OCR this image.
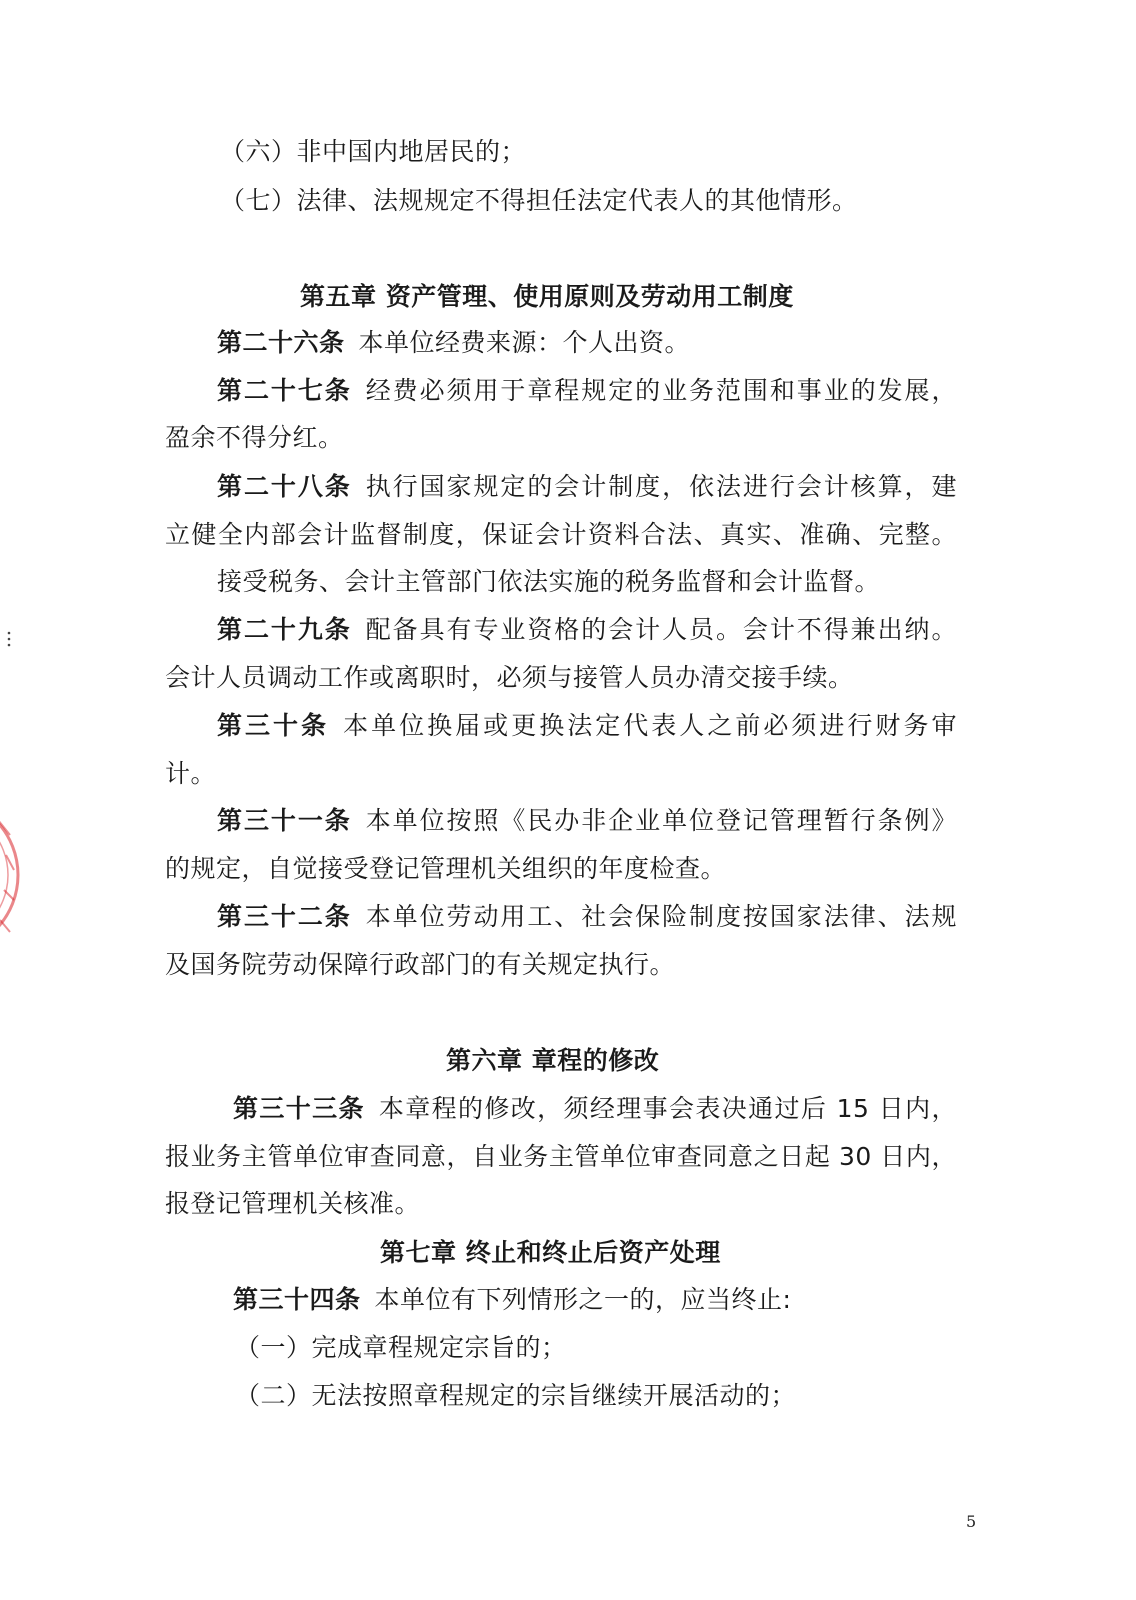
（六）非中国内地居民的；
（七）法律、法规规定不得担任法定代表人的其他情形。
第五章 资产管理、使用原则及劳动用工制度
第二十六条 本单位经费来源：个人出资。
第二十七条 经费必须用于章程规定的业务范围和事业的发展，
盈余不得分红。
第二十八条 执行国家规定的会计制度，依法进行会计核算，建
立健全内部会计监督制度，保证会计资料合法、真实、准确、完整。
接受税务、会计主管部门依法实施的税务监督和会计监督。
第二十九条 配备具有专业资格的会计人员。会计不得兼出纳。
会计人员调动工作或离职时，必须与接管人员办清交接手续。
第三十条 本单位换届或更换法定代表人之前必须进行财务审
计。
第三十一条 本单位按照《民办非企业单位登记管理暂行条例》
的规定，自觉接受登记管理机关组织的年度检查。
第三十二条 本单位劳动用工、社会保险制度按国家法律、法规
及国务院劳动保障行政部门的有关规定执行。
第六章 章程的修改
第三十三条 本章程的修改，须经理事会表决通过后 15 日内，
报业务主管单位审查同意，自业务主管单位审查同意之日起 30 日内，
报登记管理机关核准。
第七章 终止和终止后资产处理
第三十四条 本单位有下列情形之一的，应当终止:
（一）完成章程规定宗旨的；
（二）无法按照章程规定的宗旨继续开展活动的；
5
